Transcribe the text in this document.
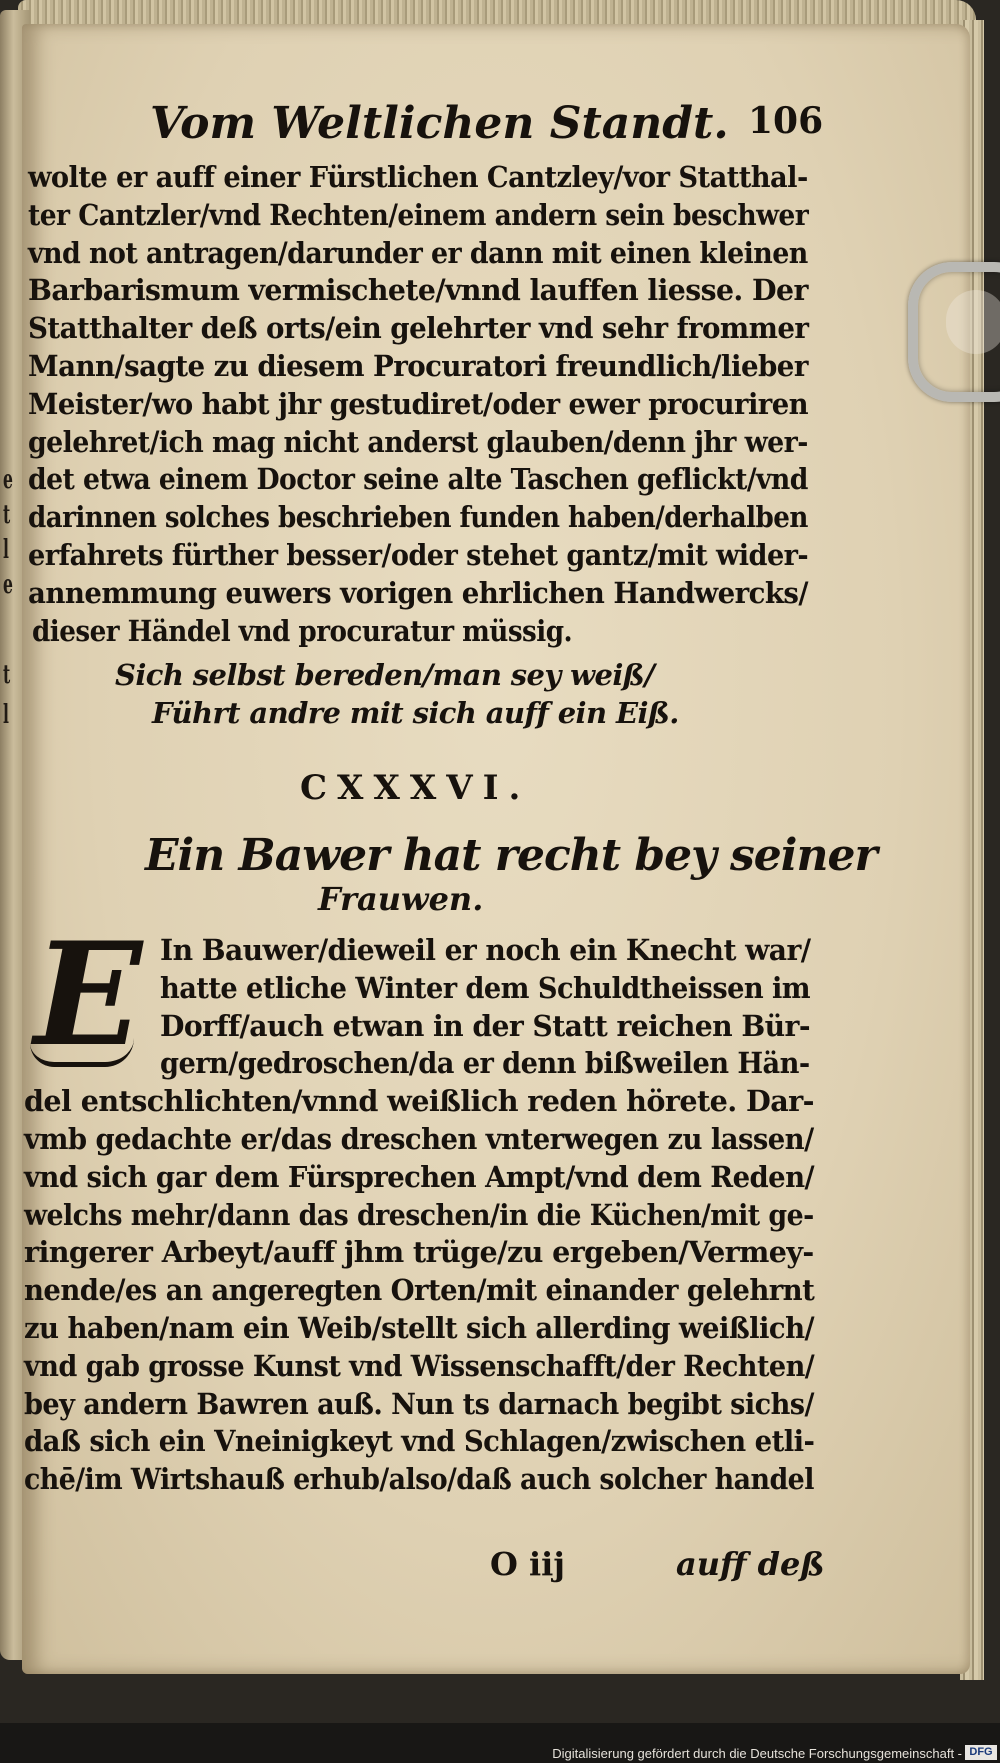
e
t
l
e
t
l
Vom Weltlichen Standt. 106
wolte er auff einer Fürstlichen Cantzley/vor Statthal-
ter Cantzler/vnd Rechten/einem andern sein beschwer
vnd not antragen/darunder er dann mit einen kleinen
Barbarismum vermischete/vnnd lauffen liesse. Der
Statthalter deß orts/ein gelehrter vnd sehr frommer
Mann/sagte zu diesem Procuratori freundlich/lieber
Meister/wo habt jhr gestudiret/oder ewer procuriren
gelehret/ich mag nicht anderst glauben/denn jhr wer-
det etwa einem Doctor seine alte Taschen geflickt/vnd
darinnen solches beschrieben funden haben/derhalben
erfahrets fürther besser/oder stehet gantz/mit wider-
annemmung euwers vorigen ehrlichen Handwercks/
dieser Händel vnd procuratur müssig.
Sich selbst bereden/man sey weiß/
Führt andre mit sich auff ein Eiß.
CXXXVI.
Ein Bawer hat recht bey seiner
Frauwen.
E In Bauwer/dieweil er noch ein Knecht war/
hatte etliche Winter dem Schuldtheissen im
Dorff/auch etwan in der Statt reichen Bür-
gern/gedroschen/da er denn bißweilen Hän-
del entschlichten/vnnd weißlich reden hörete. Dar-
vmb gedachte er/das dreschen vnterwegen zu lassen/
vnd sich gar dem Fürsprechen Ampt/vnd dem Reden/
welchs mehr/dann das dreschen/in die Küchen/mit ge-
ringerer Arbeyt/auff jhm trüge/zu ergeben/Vermey-
nende/es an angeregten Orten/mit einander gelehrnt
zu haben/nam ein Weib/stellt sich allerding weißlich/
vnd gab grosse Kunst vnd Wissenschafft/der Rechten/
bey andern Bawren auß. Nun ts darnach begibt sichs/
daß sich ein Vneinigkeyt vnd Schlagen/zwischen etli-
chē/im Wirtshauß erhub/also/daß auch solcher handel
O iij	auff deß
Digitalisierung gefördert durch die Deutsche Forschungsgemeinschaft - DFG
